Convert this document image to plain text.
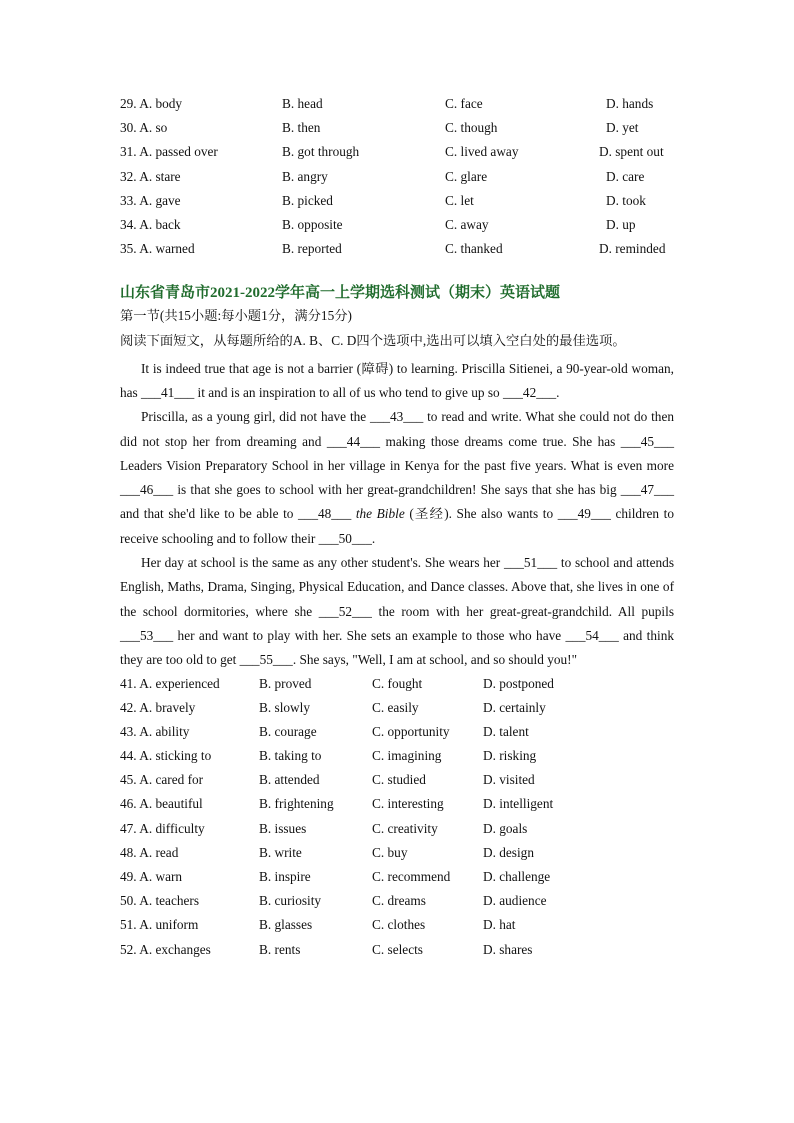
29. A. body	B. head	C. face	D. hands
30. A. so	B. then	C. though	D. yet
31. A. passed over	B. got through	C. lived away	D. spent out
32. A. stare	B. angry	C. glare	D. care
33. A. gave	B. picked	C. let	D. took
34. A. back	B. opposite	C. away	D. up
35. A. warned	B. reported	C. thanked	D. reminded
山东省青岛市2021-2022学年高一上学期选科测试（期末）英语试题
第一节(共15小题:每小题1分，满分15分)
阅读下面短文，从每题所给的A. B、C. D四个选项中,选出可以填入空白处的最佳选项。

It is indeed true that age is not a barrier (障碍) to learning. Priscilla Sitienei, a 90-year-old woman, has ___41___ it and is an inspiration to all of us who tend to give up so ___42___.

Priscilla, as a young girl, did not have the ___43___ to read and write. What she could not do then did not stop her from dreaming and ___44___ making those dreams come true. She has ___45___ Leaders Vision Preparatory School in her village in Kenya for the past five years. What is even more ___46___ is that she goes to school with her great-grandchildren! She says that she has big ___47___ and that she'd like to be able to ___48___ the Bible (圣经). She also wants to ___49___ children to receive schooling and to follow their ___50___.

Her day at school is the same as any other student's. She wears her ___51___ to school and attends English, Maths, Drama, Singing, Physical Education, and Dance classes. Above that, she lives in one of the school dormitories, where she ___52___ the room with her great-great-grandchild. All pupils ___53___ her and want to play with her. She sets an example to those who have ___54___ and think they are too old to get ___55___. She says, "Well, I am at school, and so should you!"

41. A. experienced	B. proved	C. fought	D. postponed
42. A. bravely	B. slowly	C. easily	D. certainly
43. A. ability	B. courage	C. opportunity	D. talent
44. A. sticking to	B. taking to	C. imagining	D. risking
45. A. cared for	B. attended	C. studied	D. visited
46. A. beautiful	B. frightening	C. interesting	D. intelligent
47. A. difficulty	B. issues	C. creativity	D. goals
48. A. read	B. write	C. buy	D. design
49. A. warn	B. inspire	C. recommend D. challenge
50. A. teachers	B. curiosity	C. dreams	D. audience
51. A. uniform	B. glasses	C. clothes	D. hat
52. A. exchanges	B. rents	C. selects	D. shares
